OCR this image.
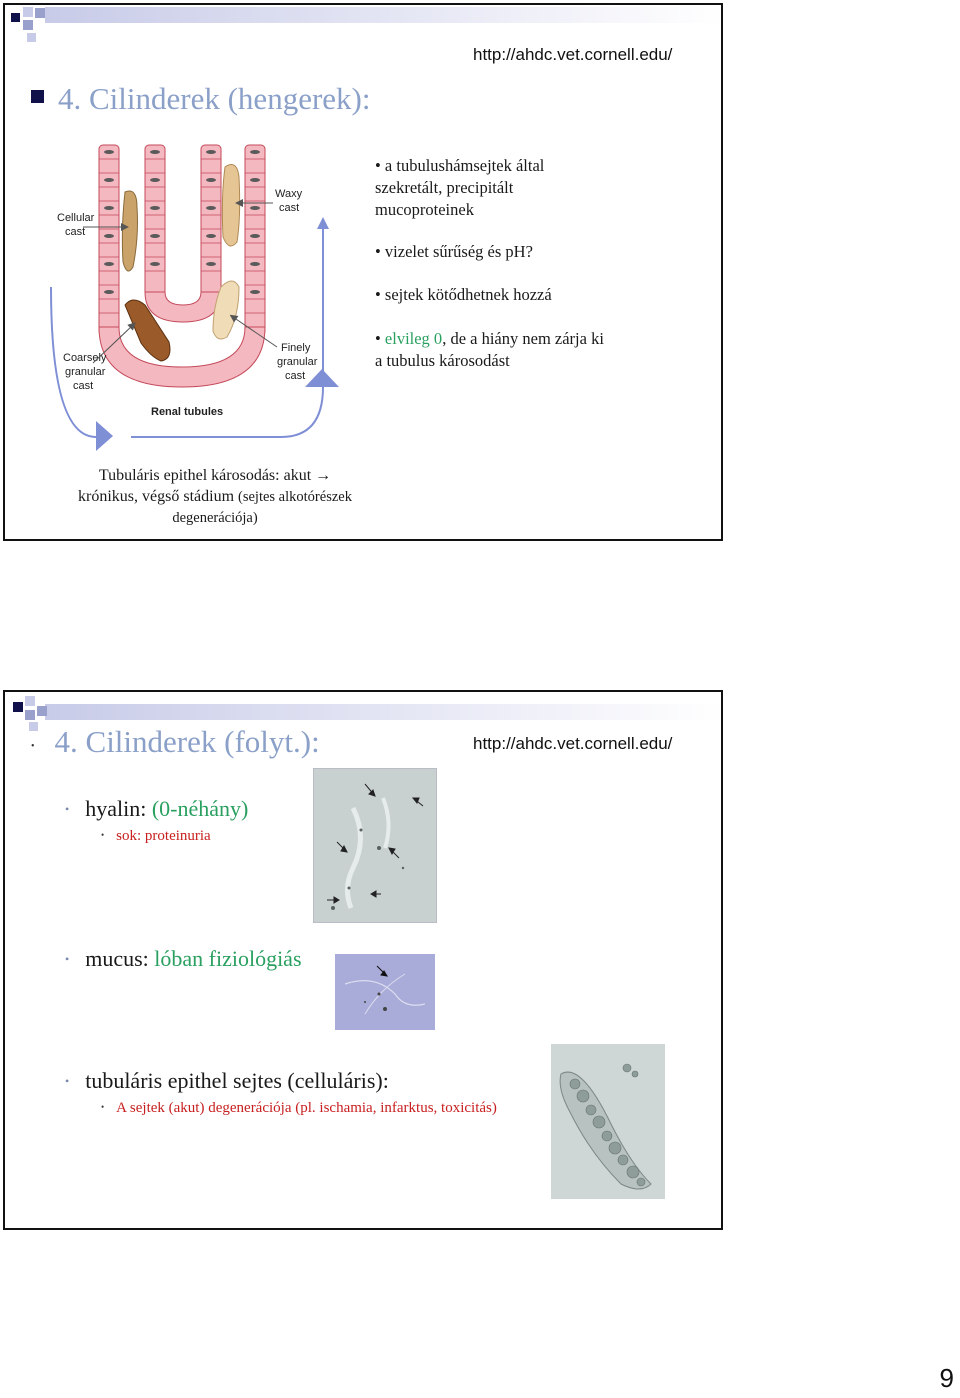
http://ahdc.vet.cornell.edu/
4. Cilinderek (hengerek):
Cellular
cast
Waxy
cast
Coarsely
granular
cast
Finely
granular
cast
Renal tubules
• a tubulushámsejtek által szekretált, precipitált mucoproteinek
• vizelet sűrűség és pH?
• sejtek kötődhetnek hozzá
• elvileg 0, de a hiány nem zárja ki a tubulus károsodást
Tubuláris epithel károsodás: akut →
krónikus, végső stádium (sejtes alkotórészek
degenerációja)
• 4. Cilinderek (folyt.):	http://ahdc.vet.cornell.edu/
• hyalin: (0-néhány)
• sok: proteinuria
• mucus: lóban fiziológiás
• tubuláris epithel sejtes (celluláris):
• A sejtek (akut) degenerációja (pl. ischamia, infarktus, toxicitás)
9
